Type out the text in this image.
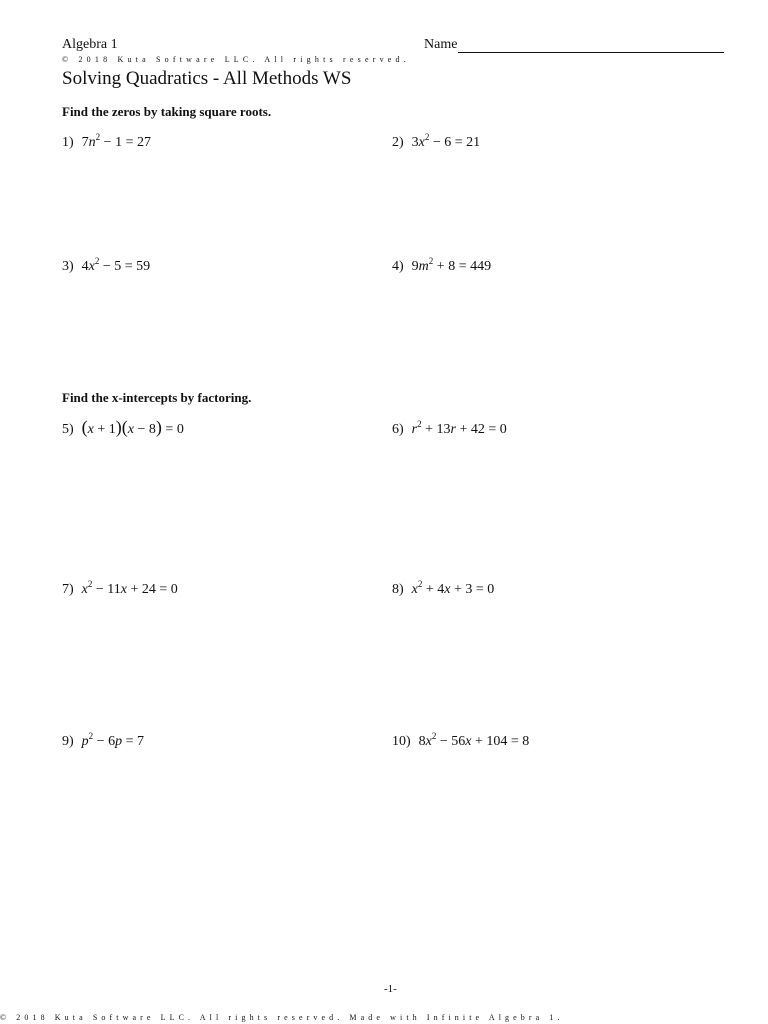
Algebra 1	Name
© 2018 Kuta Software LLC. All rights reserved.
Solving Quadratics - All Methods WS
Find the zeros by taking square roots.
1) $7n^2 - 1 = 27$	2) $3x^2 - 6 = 21$
3) $4x^2 - 5 = 59$	4) $9m^2 + 8 = 449$
Find the x-intercepts by factoring.
5) (x + 1)(x − 8) = 0	6) $r^2 + 13r + 42 = 0$
7) $x^2 - 11x + 24 = 0$	8) $x^2 + 4x + 3 = 0$
9) $p^2 - 6p = 7$	10) $8x^2 - 56x + 104 = 8$
-1-
© 2018 Kuta Software LLC. All rights reserved. Made with Infinite Algebra 1.
